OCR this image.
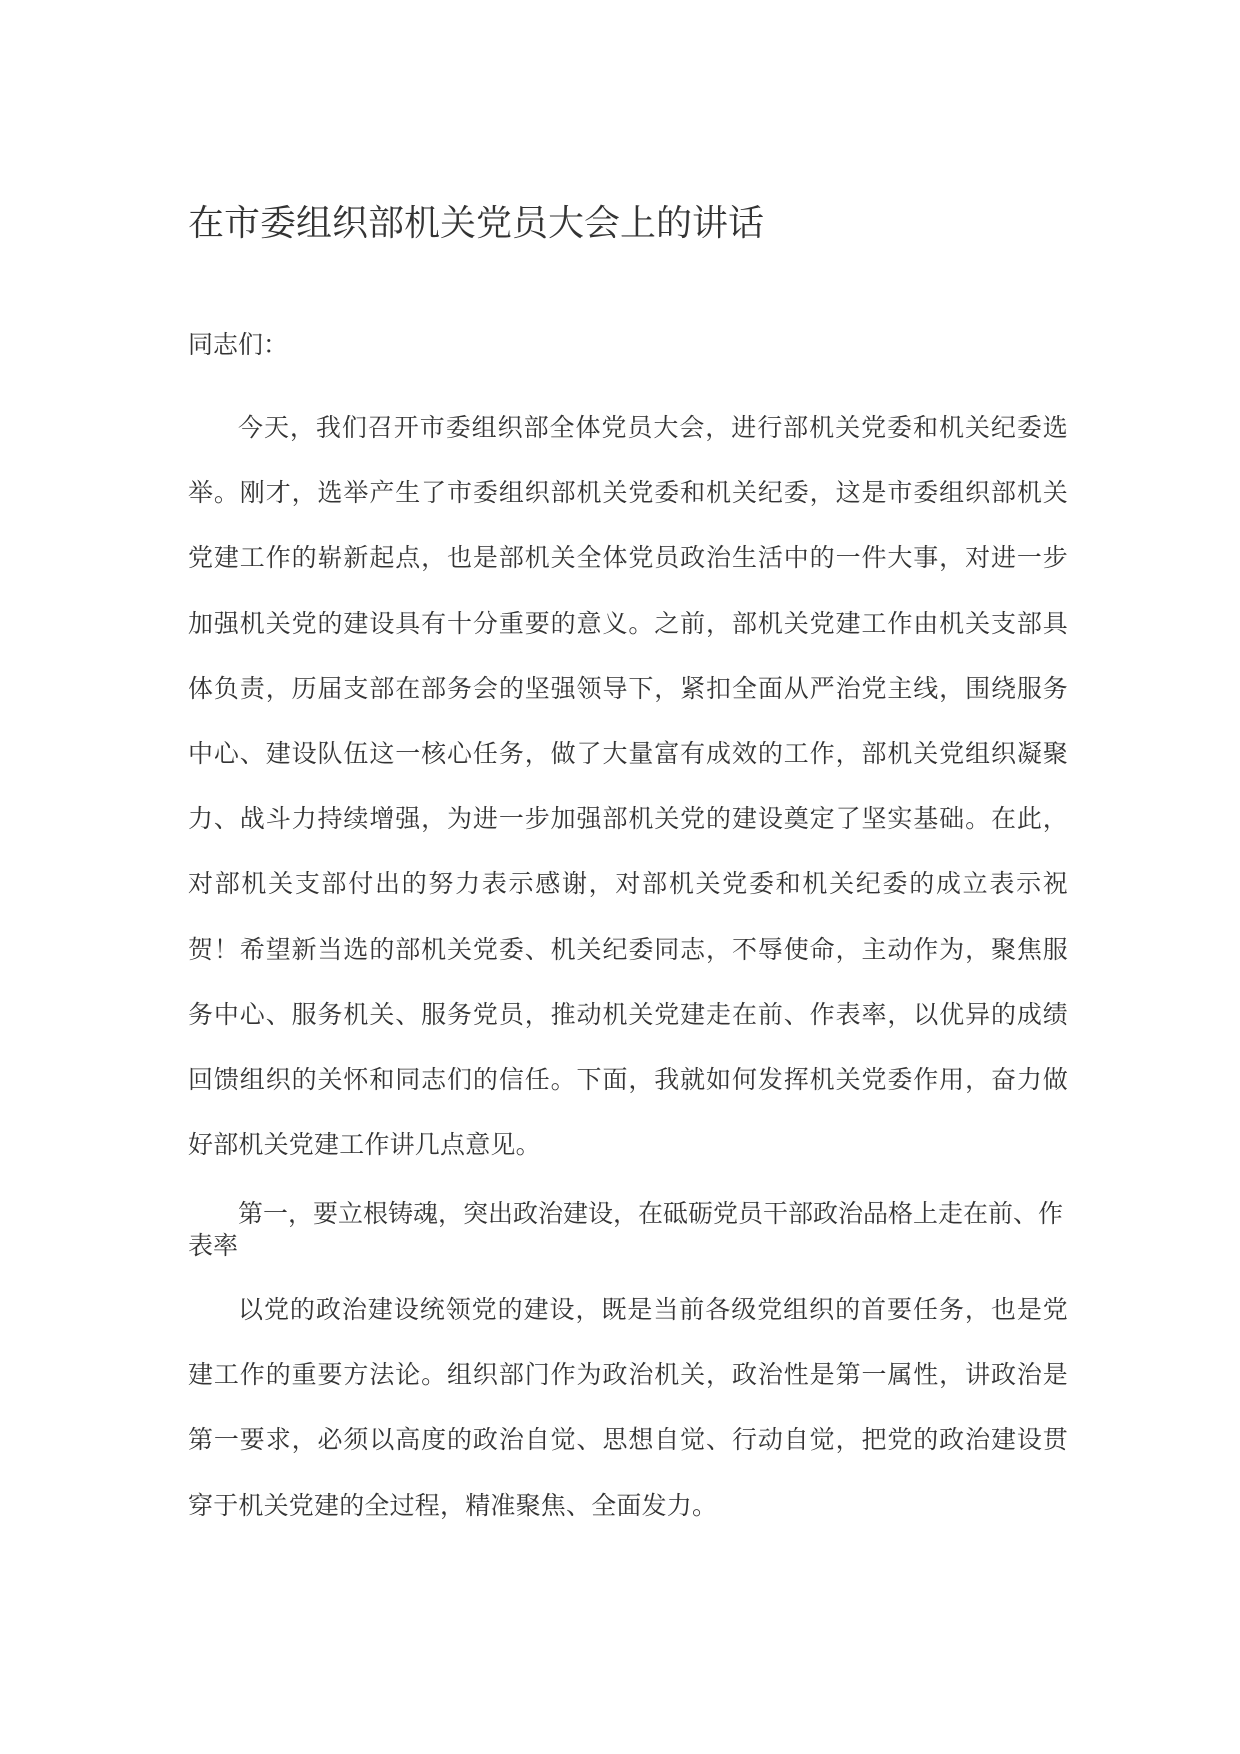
在市委组织部机关党员大会上的讲话

同志们：

今天，我们召开市委组织部全体党员大会，进行部机关党委和机关纪委选举。刚才，选举产生了市委组织部机关党委和机关纪委，这是市委组织部机关党建工作的崭新起点，也是部机关全体党员政治生活中的一件大事，对进一步加强机关党的建设具有十分重要的意义。之前，部机关党建工作由机关支部具体负责，历届支部在部务会的坚强领导下，紧扣全面从严治党主线，围绕服务中心、建设队伍这一核心任务，做了大量富有成效的工作，部机关党组织凝聚力、战斗力持续增强，为进一步加强部机关党的建设奠定了坚实基础。在此，对部机关支部付出的努力表示感谢，对部机关党委和机关纪委的成立表示祝贺！希望新当选的部机关党委、机关纪委同志，不辱使命，主动作为，聚焦服务中心、服务机关、服务党员，推动机关党建走在前、作表率，以优异的成绩回馈组织的关怀和同志们的信任。下面，我就如何发挥机关党委作用，奋力做好部机关党建工作讲几点意见。

第一，要立根铸魂，突出政治建设，在砥砺党员干部政治品格上走在前、作表率

以党的政治建设统领党的建设，既是当前各级党组织的首要任务，也是党建工作的重要方法论。组织部门作为政治机关，政治性是第一属性，讲政治是第一要求，必须以高度的政治自觉、思想自觉、行动自觉，把党的政治建设贯穿于机关党建的全过程，精准聚焦、全面发力。
